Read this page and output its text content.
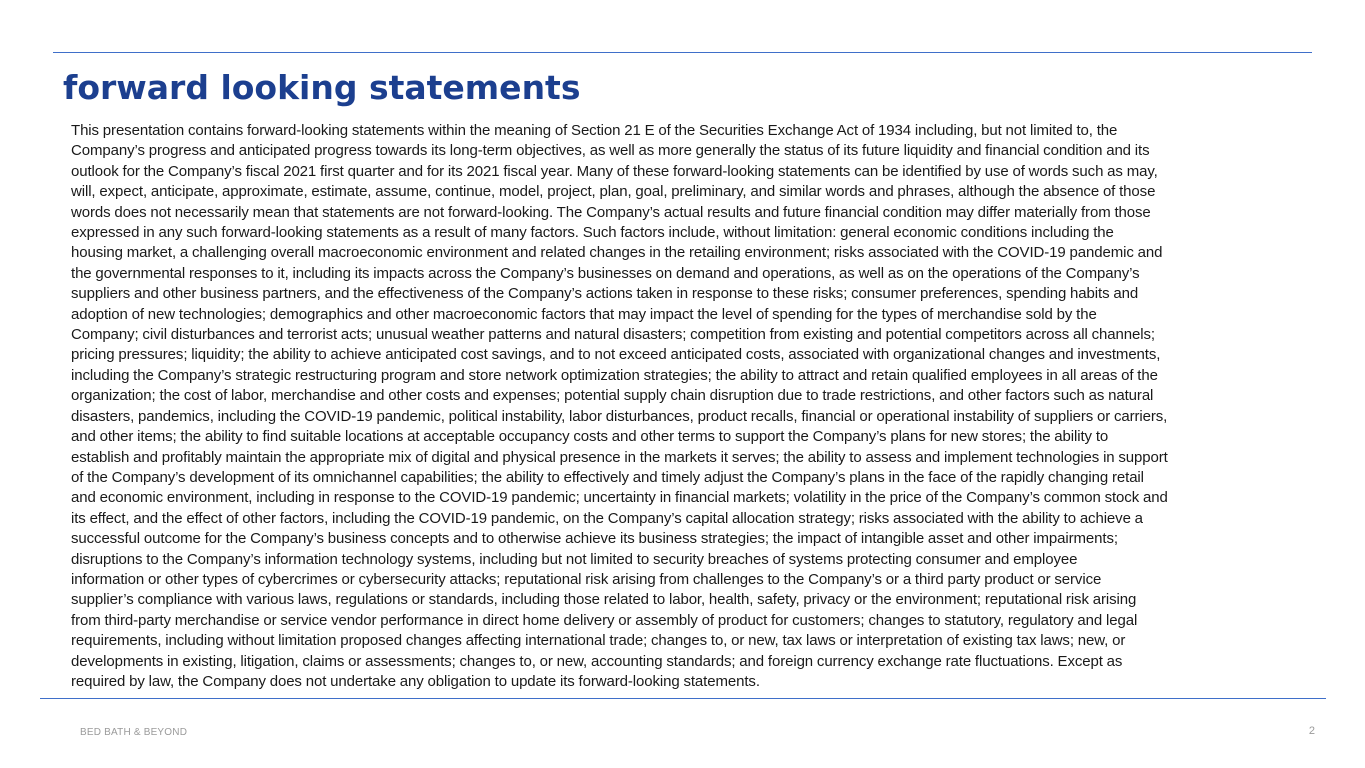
forward looking statements
This presentation contains forward-looking statements within the meaning of Section 21 E of the Securities Exchange Act of 1934 including, but not limited to, the
Company’s progress and anticipated progress towards its long-term objectives, as well as more generally the status of its future liquidity and financial condition and its
outlook for the Company’s fiscal 2021 first quarter and for its 2021 fiscal year. Many of these forward-looking statements can be identified by use of words such as may,
will, expect, anticipate, approximate, estimate, assume, continue, model, project, plan, goal, preliminary, and similar words and phrases, although the absence of those
words does not necessarily mean that statements are not forward-looking. The Company’s actual results and future financial condition may differ materially from those
expressed in any such forward-looking statements as a result of many factors. Such factors include, without limitation: general economic conditions including the
housing market, a challenging overall macroeconomic environment and related changes in the retailing environment; risks associated with the COVID-19 pandemic and
the governmental responses to it, including its impacts across the Company’s businesses on demand and operations, as well as on the operations of the Company’s
suppliers and other business partners, and the effectiveness of the Company’s actions taken in response to these risks; consumer preferences, spending habits and
adoption of new technologies; demographics and other macroeconomic factors that may impact the level of spending for the types of merchandise sold by the
Company; civil disturbances and terrorist acts; unusual weather patterns and natural disasters; competition from existing and potential competitors across all channels;
pricing pressures; liquidity; the ability to achieve anticipated cost savings, and to not exceed anticipated costs, associated with organizational changes and investments,
including the Company’s strategic restructuring program and store network optimization strategies; the ability to attract and retain qualified employees in all areas of the
organization; the cost of labor, merchandise and other costs and expenses; potential supply chain disruption due to trade restrictions, and other factors such as natural
disasters, pandemics, including the COVID-19 pandemic, political instability, labor disturbances, product recalls, financial or operational instability of suppliers or carriers,
and other items; the ability to find suitable locations at acceptable occupancy costs and other terms to support the Company’s plans for new stores; the ability to
establish and profitably maintain the appropriate mix of digital and physical presence in the markets it serves; the ability to assess and implement technologies in support
of the Company’s development of its omnichannel capabilities; the ability to effectively and timely adjust the Company’s plans in the face of the rapidly changing retail
and economic environment, including in response to the COVID-19 pandemic; uncertainty in financial markets; volatility in the price of the Company’s common stock and
its effect, and the effect of other factors, including the COVID-19 pandemic, on the Company’s capital allocation strategy; risks associated with the ability to achieve a
successful outcome for the Company’s business concepts and to otherwise achieve its business strategies; the impact of intangible asset and other impairments;
disruptions to the Company’s information technology systems, including but not limited to security breaches of systems protecting consumer and employee
information or other types of cybercrimes or cybersecurity attacks; reputational risk arising from challenges to the Company’s or a third party product or service
supplier’s compliance with various laws, regulations or standards, including those related to labor, health, safety, privacy or the environment; reputational risk arising
from third-party merchandise or service vendor performance in direct home delivery or assembly of product for customers; changes to statutory, regulatory and legal
requirements, including without limitation proposed changes affecting international trade; changes to, or new, tax laws or interpretation of existing tax laws; new, or
developments in existing, litigation, claims or assessments; changes to, or new, accounting standards; and foreign currency exchange rate fluctuations. Except as
required by law, the Company does not undertake any obligation to update its forward-looking statements.
BED BATH & BEYOND	2
